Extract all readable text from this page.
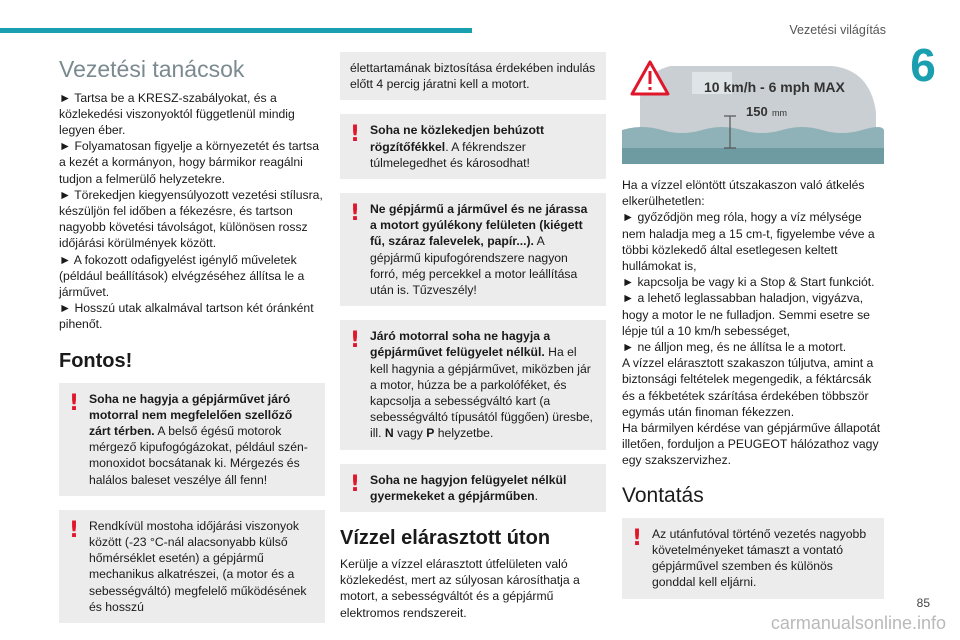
Vezetési világítás
6
Vezetési tanácsok

► Tartsa be a KRESZ-szabályokat, és a közlekedési viszonyoktól függetlenül mindig legyen éber.
► Folyamatosan figyelje a környezetét és tartsa a kezét a kormányon, hogy bármikor reagálni tudjon a felmerülő helyzetekre.
► Törekedjen kiegyensúlyozott vezetési stílusra, készüljön fel időben a fékezésre, és tartson nagyobb követési távolságot, különösen rossz időjárási körülmények között.
► A fokozott odafigyelést igénylő műveletek (például beállítások) elvégzéséhez állítsa le a járművet.
► Hosszú utak alkalmával tartson két óránként pihenőt.

Fontos!
! Soha ne hagyja a gépjárművet járó motorral nem megfelelően szellőző zárt térben. A belső égésű motorok mérgező kipufogógázokat, például szén-monoxidot bocsátanak ki. Mérgezés és halálos baleset veszélye áll fenn!

! Rendkívül mostoha időjárási viszonyok között (-23 °C-nál alacsonyabb külső hőmérséklet esetén) a gépjármű mechanikus alkatrészei, (a motor és a sebességváltó) megfelelő működésének és hosszú

élettartamának biztosítása érdekében indulás előtt 4 percig járatni kell a motort.

! Soha ne közlekedjen behúzott rögzítőfékkel. A fékrendszer túlmelegedhet és károsodhat!

! Ne gépjármű a járművel és ne járassa a motort gyúlékony felületen (kiégett fű, száraz falevelek, papír...). A gépjármű kipufogórendszere nagyon forró, még percekkel a motor leállítása után is. Tűzveszély!

! Járó motorral soha ne hagyja a gépjárművet felügyelet nélkül. Ha el kell hagynia a gépjárművet, miközben jár a motor, húzza be a parkolóféket, és kapcsolja a sebességváltó kart (a sebességváltó típusától függően) üresbe, ill. N vagy P helyzetbe.

! Soha ne hagyjon felügyelet nélkül gyermekeket a gépjárműben.

Vízzel elárasztott úton

Kerülje a vízzel elárasztott útfelületen való közlekedést, mert az súlyosan károsíthatja a motort, a sebességváltót és a gépjármű elektromos rendszereit.

10 km/h - 6 mph MAX
150 mm

Ha a vízzel elöntött útszakaszon való átkelés elkerülhetetlen:
► győződjön meg róla, hogy a víz mélysége nem haladja meg a 15 cm-t, figyelembe véve a többi közlekedő által esetlegesen keltett hullámokat is,
► kapcsolja be vagy ki a Stop & Start funkciót.
► a lehető leglassabban haladjon, vigyázva, hogy a motor le ne fulladjon. Semmi esetre se lépje túl a 10 km/h sebességet,
► ne álljon meg, és ne állítsa le a motort.
A vízzel elárasztott szakaszon túljutva, amint a biztonsági feltételek megengedik, a féktárcsák és a fékbetétek szárítása érdekében többször egymás után finoman fékezzen.
Ha bármilyen kérdése van gépjárműve állapotát illetően, forduljon a PEUGEOT hálózathoz vagy egy szakszervizhez.

Vontatás
! Az utánfutóval történő vezetés nagyobb követelményeket támaszt a vontató gépjárművel szemben és különös gonddal kell eljárni.

85
carmanualsonline.info
